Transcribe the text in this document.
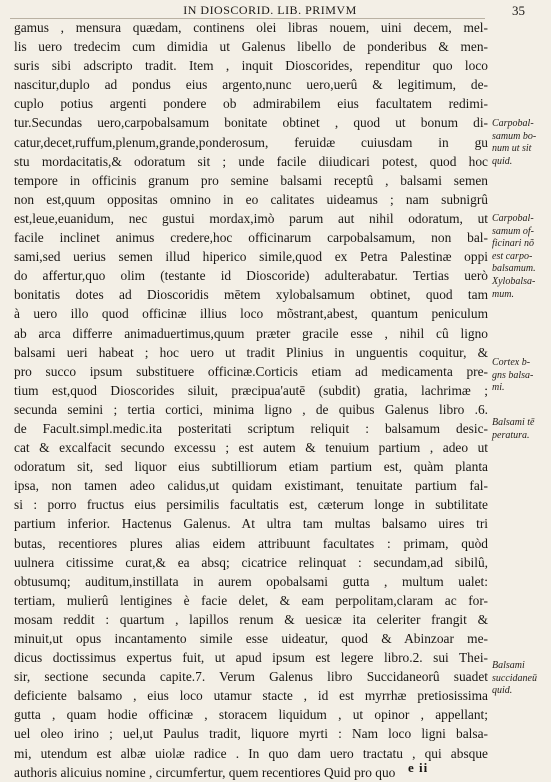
IN DIOSCORID. LIB. PRIMVM	35
gamus , mensura quædam, continens olei libras nouem, uini decem, mel-
lis uero tredecim cum dimidia ut Galenus libello de ponderibus & men-
suris sibi adscripto tradit. Item , inquit Dioscorides, rependitur quo loco
nascitur,duplo ad pondus eius argento,nunc uero,uerû & legitimum, de-
cuplo potius argenti pondere ob admirabilem eius facultatem redimi-
tur.Secundas uero,carpobalsamum bonitate obtinet , quod ut bonum di-
catur,decet,ruffum,plenum,grande,ponderosum, feruidæ cuiusdam in gu
stu mordacitatis,& odoratum sit ; unde facile diiudicari potest, quod hoc
tempore in officinis granum pro semine balsami receptû , balsami semen
non est,quum oppositas omnino in eo calitates uideamus ; nam subnigrû
est,leue,euanidum, nec gustui mordax,imò parum aut nihil odoratum, ut
facile inclinet animus credere,hoc officinarum carpobalsamum, non bal-
sami,sed uerius semen illud hiperico simile,quod ex Petra Palestinæ oppi
do affertur,quo olim (testante id Dioscoride) adulterabatur. Tertias uerò
bonitatis dotes ad Dioscoridis mētem xylobalsamum obtinet, quod tam
à uero illo quod officinæ illius loco mõstrant,abest, quantum peniculum
ab arca differre animaduertimus,quum præter gracile esse , nihil cû ligno
balsami ueri habeat ; hoc uero ut tradit Plinius in unguentis coquitur, &
pro succo ipsum substituere officinæ.Corticis etiam ad medicamenta pre-
tium est,quod Dioscorides siluit, præcipua'autē (subdit) gratia, lachrimæ ;
secunda semini ; tertia cortici, minima ligno , de quibus Galenus libro .6.
de Facult.simpl.medic.ita posteritati scriptum reliquit : balsamum desic-
cat & excalfacit secundo excessu ; est autem & tenuium partium , adeo ut
odoratum sit, sed liquor eius subtilliorum etiam partium est, quàm planta
ipsa, non tamen adeo calidus,ut quidam existimant, tenuitate partium fal-
si : porro fructus eius persimilis facultatis est, cæterum longe in subtilitate
partium inferior. Hactenus Galenus. At ultra tam multas balsamo uires tri
butas, recentiores plures alias eidem attribuunt facultates : primam, quòd
uulnera citissime curat,& ea absq; cicatrice relinquat : secundam,ad sibilû,
obtusumq; auditum,instillata in aurem opobalsami gutta , multum ualet:
tertiam, mulierû lentigines è facie delet, & eam perpolitam,claram ac for-
mosam reddit : quartum , lapillos renum & uesicæ ita celeriter frangit &
minuit,ut opus incantamento simile esse uideatur, quod & Abinzoar me-
dicus doctissimus expertus fuit, ut apud ipsum est legere libro.2. sui Thei-
sir, sectione secunda capite.7. Verum Galenus libro Succidaneorû suadet
deficiente balsamo , eius loco utamur stacte , id est myrrhæ pretiosissima
gutta , quam hodie officinæ , storacem liquidum , ut opinor , appellant;
uel oleo irino ; uel,ut Paulus tradit, liquore myrti : Nam loco ligni balsa-
mi, utendum est albæ uiolæ radice . In quo dam uero tractatu , qui absque
authoris alicuius nomine , circumfertur, quem recentiores Quid pro quo
Carpobal-
samum bo-
num ut sit
quid.
Carpobal-
samum of-
ficinari nõ
est carpo-
balsamum.
Xylobalsa-
mum.
Cortex b-
gns balsa-
mi.
Balsami tē
peratura.
Balsami
succidaneū
quid.
e ii
